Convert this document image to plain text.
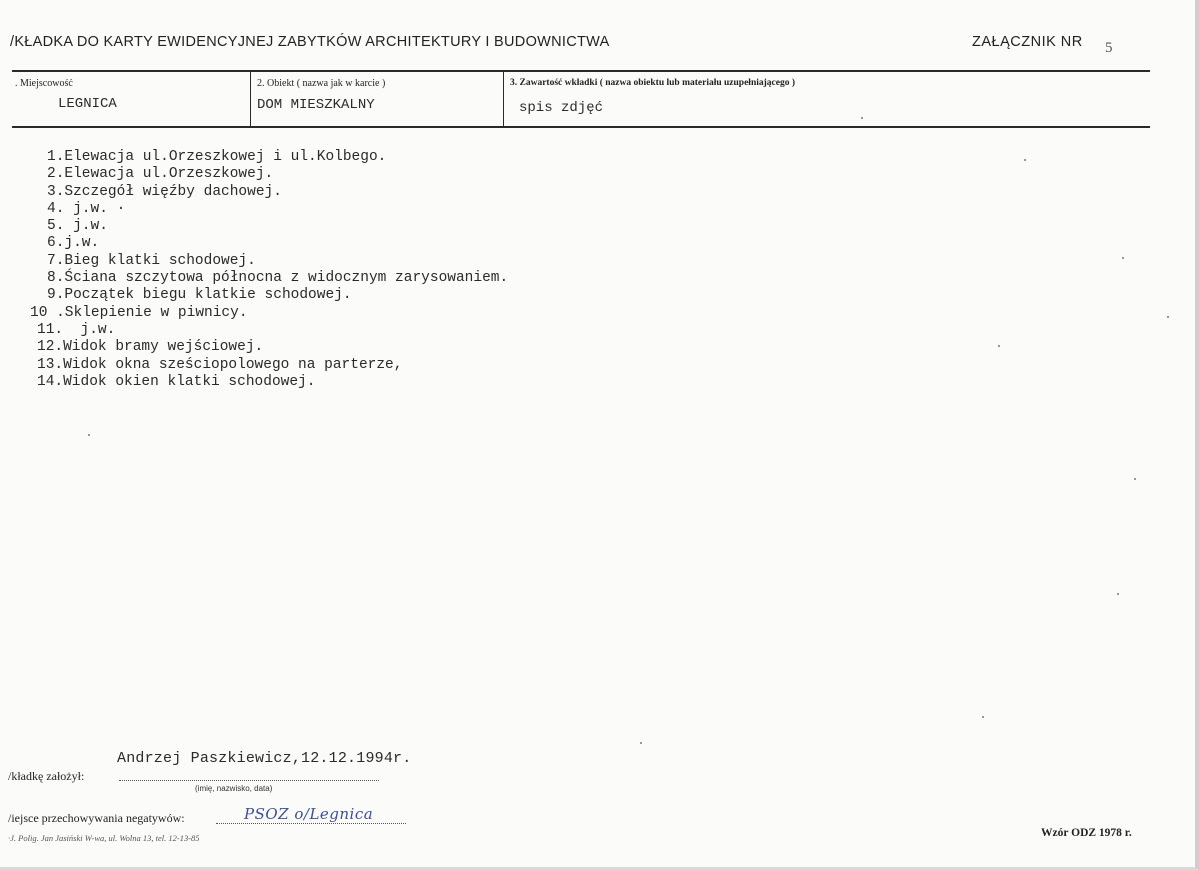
/KŁADKA DO KARTY EWIDENCYJNEJ ZABYTKÓW ARCHITEKTURY I BUDOWNICTWA	ZAŁĄCZNIK NR 5
. Miejscowość
LEGNICA
2. Obiekt ( nazwa jak w karcie )
DOM MIESZKALNY
3. Zawartość wkładki ( nazwa obiektu lub materiału uzupełniającego )
spis zdjęć
1.Elewacja ul.Orzeszkowej i ul.Kolbego.
2.Elewacja ul.Orzeszkowej.
3.Szczegół więźby dachowej.
4. j.w. ·
5. j.w.
6.j.w.
7.Bieg klatki schodowej.
8.Ściana szczytowa północna z widocznym zarysowaniem.
9.Początek biegu klatkie schodowej.
10 .Sklepienie w piwnicy.
11.  j.w.
12.Widok bramy wejściowej.
13.Widok okna sześciopolowego na parterze,
14.Widok okien klatki schodowej.
Andrzej Paszkiewicz,12.12.1994r.
/kładkę założył:
(imię, nazwisko, data)
/iejsce przechowywania negatywów:	PSOZ o/Legnica
·J. Polig. Jan Jasiński W-wa, ul. Wolna 13, tel. 12-13-85	Wzór ODZ 1978 r.
